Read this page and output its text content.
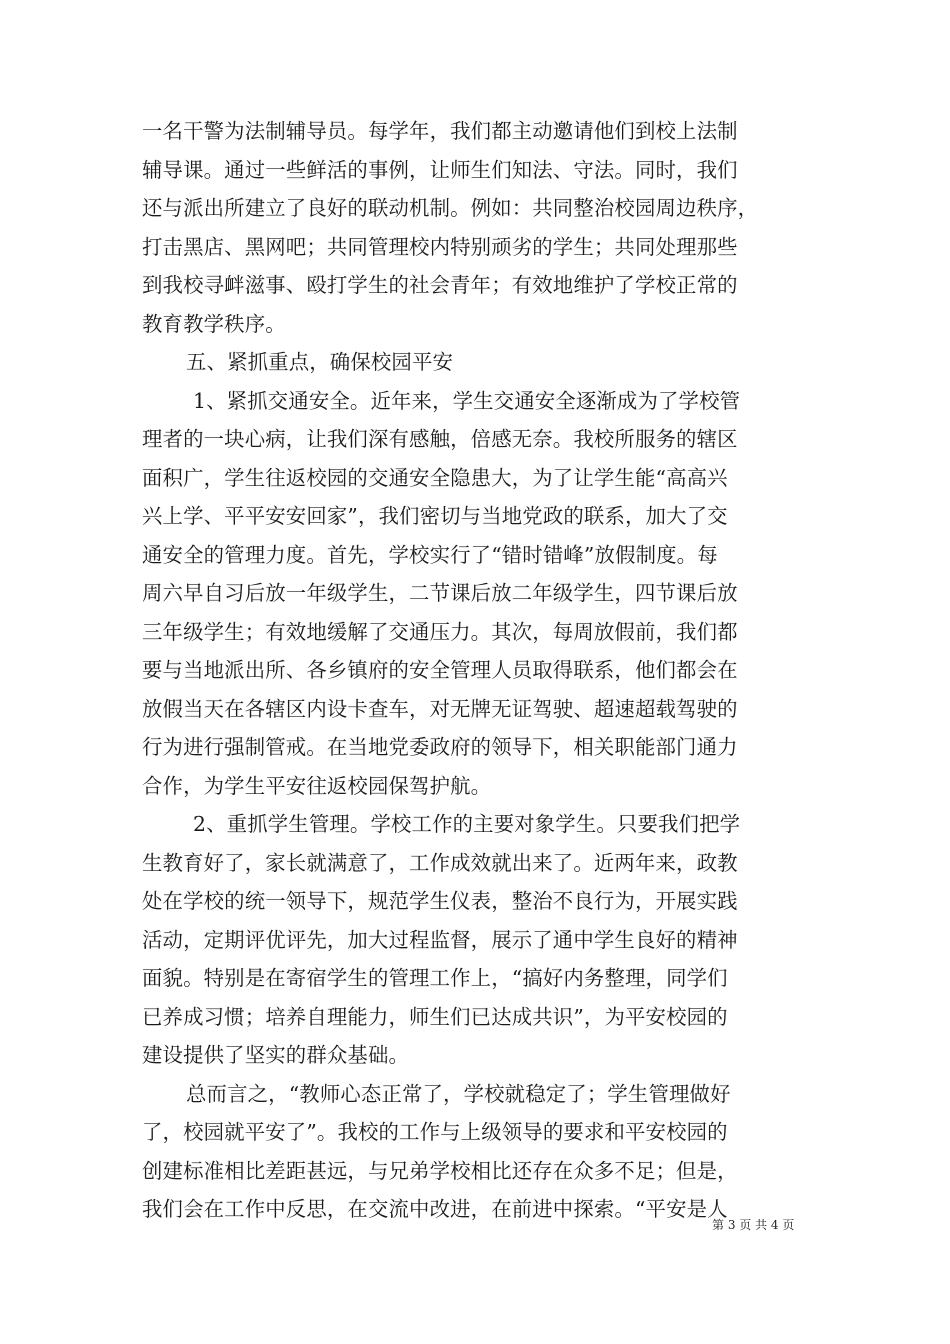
一名干警为法制辅导员。每学年，我们都主动邀请他们到校上法制
辅导课。通过一些鲜活的事例，让师生们知法、守法。同时，我们
还与派出所建立了良好的联动机制。例如：共同整治校园周边秩序，
打击黑店、黑网吧；共同管理校内特别顽劣的学生；共同处理那些
到我校寻衅滋事、殴打学生的社会青年；有效地维护了学校正常的
教育教学秩序。
五、紧抓重点，确保校园平安
1、紧抓交通安全。近年来，学生交通安全逐渐成为了学校管
理者的一块心病，让我们深有感触，倍感无奈。我校所服务的辖区
面积广，学生往返校园的交通安全隐患大，为了让学生能“高高兴
兴上学、平平安安回家”，我们密切与当地党政的联系，加大了交
通安全的管理力度。首先，学校实行了“错时错峰”放假制度。每
周六早自习后放一年级学生，二节课后放二年级学生，四节课后放
三年级学生；有效地缓解了交通压力。其次，每周放假前，我们都
要与当地派出所、各乡镇府的安全管理人员取得联系，他们都会在
放假当天在各辖区内设卡查车，对无牌无证驾驶、超速超载驾驶的
行为进行强制管戒。在当地党委政府的领导下，相关职能部门通力
合作，为学生平安往返校园保驾护航。
2、重抓学生管理。学校工作的主要对象学生。只要我们把学
生教育好了，家长就满意了，工作成效就出来了。近两年来，政教
处在学校的统一领导下，规范学生仪表，整治不良行为，开展实践
活动，定期评优评先，加大过程监督，展示了通中学生良好的精神
面貌。特别是在寄宿学生的管理工作上，“搞好内务整理，同学们
已养成习惯；培养自理能力，师生们已达成共识”，为平安校园的
建设提供了坚实的群众基础。
总而言之，“教师心态正常了，学校就稳定了；学生管理做好
了，校园就平安了”。我校的工作与上级领导的要求和平安校园的
创建标准相比差距甚远，与兄弟学校相比还存在众多不足；但是，
我们会在工作中反思，在交流中改进，在前进中探索。“平安是人
第 3 页 共 4 页
